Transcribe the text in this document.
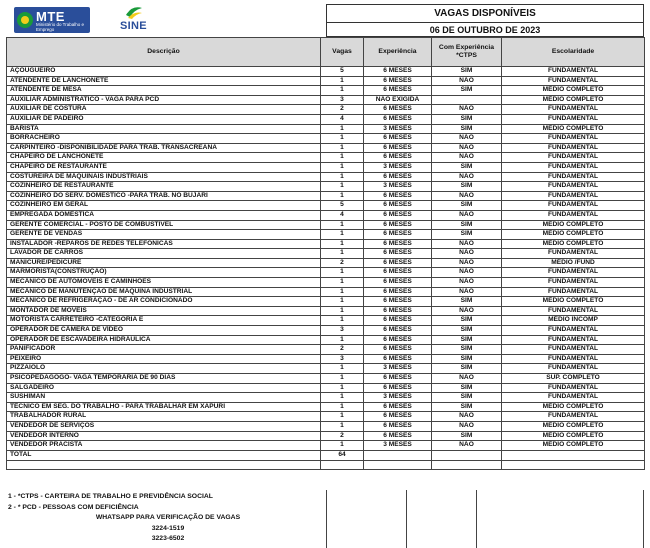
MTE
Ministério do Trabalho e Emprego	SINE
VAGAS DISPONÍVEIS
06 DE OUTUBRO DE 2023
Descrição	Vagas	Experiência	Com Experiência *CTPS	Escolaridade
AÇOUGUEIRO	5	6 MESES	SIM	FUNDAMENTAL
ATENDENTE DE LANCHONETE	1	6 MESES	NÃO	FUNDAMENTAL
ATENDENTE DE MESA	1	6 MESES	SIM	MÉDIO COMPLETO
AUXILIAR ADMINISTRATICO - VAGA PARA PCD	3	NÃO EXIGIDA		MÉDIO COMPLETO
AUXILIAR DE COSTURA	2	6 MESES	NÃO	FUNDAMENTAL
AUXILIAR DE PADEIRO	4	6 MESES	SIM	FUNDAMENTAL
BARISTA	1	3 MESES	SIM	MÉDIO COMPLETO
BORRACHEIRO	1	6 MESES	NÃO	FUNDAMENTAL
CARPINTEIRO -DISPONIBILIDADE PARA TRAB. TRANSACREANA	1	6 MESES	NÃO	FUNDAMENTAL
CHAPEIRO DE LANCHONETE	1	6 MESES	NÃO	FUNDAMENTAL
CHAPEIRO DE RESTAURANTE	1	3 MESES	SIM	FUNDAMENTAL
COSTUREIRA DE MÁQUINAIS INDUSTRIAIS	1	6 MESES	NÃO	FUNDAMENTAL
COZINHEIRO DE RESTAURANTE	1	3 MESES	SIM	FUNDAMENTAL
COZINHEIRO DO SERV. DOMESTICO -PARA TRAB. NO BUJARI	1	6 MESES	NÃO	FUNDAMENTAL
COZINHEIRO EM GERAL	5	6 MESES	SIM	FUNDAMENTAL
EMPREGADA DOMÉSTICA	4	6 MESES	NÃO	FUNDAMENTAL
GERENTE COMERCIAL - POSTO DE COMBUSTIVEL	1	6 MESES	SIM	MÉDIO COMPLETO
GERENTE DE VENDAS	1	6 MESES	SIM	MÉDIO COMPLETO
INSTALADOR -REPAROS DE REDES TELEFÔNICAS	1	6 MESES	NÃO	MÉDIO COMPLETO
LAVADOR DE CARROS	1	6 MESES	NÃO	FUNDAMENTAL
MANICURE/PEDICURE	2	6 MESES	NÃO	MÉDIO /FUND
MARMORISTA(CONSTRUÇÃO)	1	6 MESES	NÃO	FUNDAMENTAL
MECÂNICO DE AUTOMÓVEIS E CAMINHÕES	1	6 MESES	NÃO	FUNDAMENTAL
MECÂNICO DE MANUTENÇÃO DE MÁQUINA INDUSTRIAL	1	6 MESES	NÃO	FUNDAMENTAL
MECÂNICO DE REFRIGERAÇÃO - DE AR CONDICIONADO	1	6 MESES	SIM	MÉDIO COMPLETO
MONTADOR DE MÓVEIS	1	6 MESES	NÃO	FUNDAMENTAL
MOTORISTA CARRETEIRO -CATEGORIA E	1	6 MESES	SIM	MÉDIO INCOMP
OPERADOR DE CÂMERA DE VÍDEO	3	6 MESES	SIM	FUNDAMENTAL
OPERADOR DE ESCAVADEIRA HIDRÁULICA	1	6 MESES	SIM	FUNDAMENTAL
PANIFICADOR	2	6 MESES	SIM	FUNDAMENTAL
PEIXEIRO	3	6 MESES	SIM	FUNDAMENTAL
PIZZAIOLO	1	3 MESES	SIM	FUNDAMENTAL
PSICOPEDAGOGO- VAGA TEMPORÁRIA DE 90 DIAS	1	6 MESES	NÃO	SUP. COMPLETO
SALGADEIRO	1	6 MESES	SIM	FUNDAMENTAL
SUSHIMAN	1	3 MESES	SIM	FUNDAMENTAL
TÉCNICO EM SEG. DO TRABALHO - PARA TRABALHAR EM XAPURI	1	6 MESES	SIM	MÉDIO COMPLETO
TRABALHADOR RURAL	1	6 MESES	NÃO	FUNDAMENTAL
VENDEDOR DE SERVIÇOS	1	6 MESES	NÃO	MÉDIO COMPLETO
VENDEDOR INTERNO	2	6 MESES	SIM	MÉDIO COMPLETO
VENDEDOR PRACISTA	1	3 MESES	NÃO	MÉDIO COMPLETO
TOTAL	64			

1 - *CTPS - CARTEIRA DE TRABALHO E PREVIDÊNCIA SOCIAL
2 - * PCD - PESSOAS COM DEFICIÊNCIA
WHATSAPP PARA VERIFICAÇÃO DE VAGAS
3224-1519
3223-6502
